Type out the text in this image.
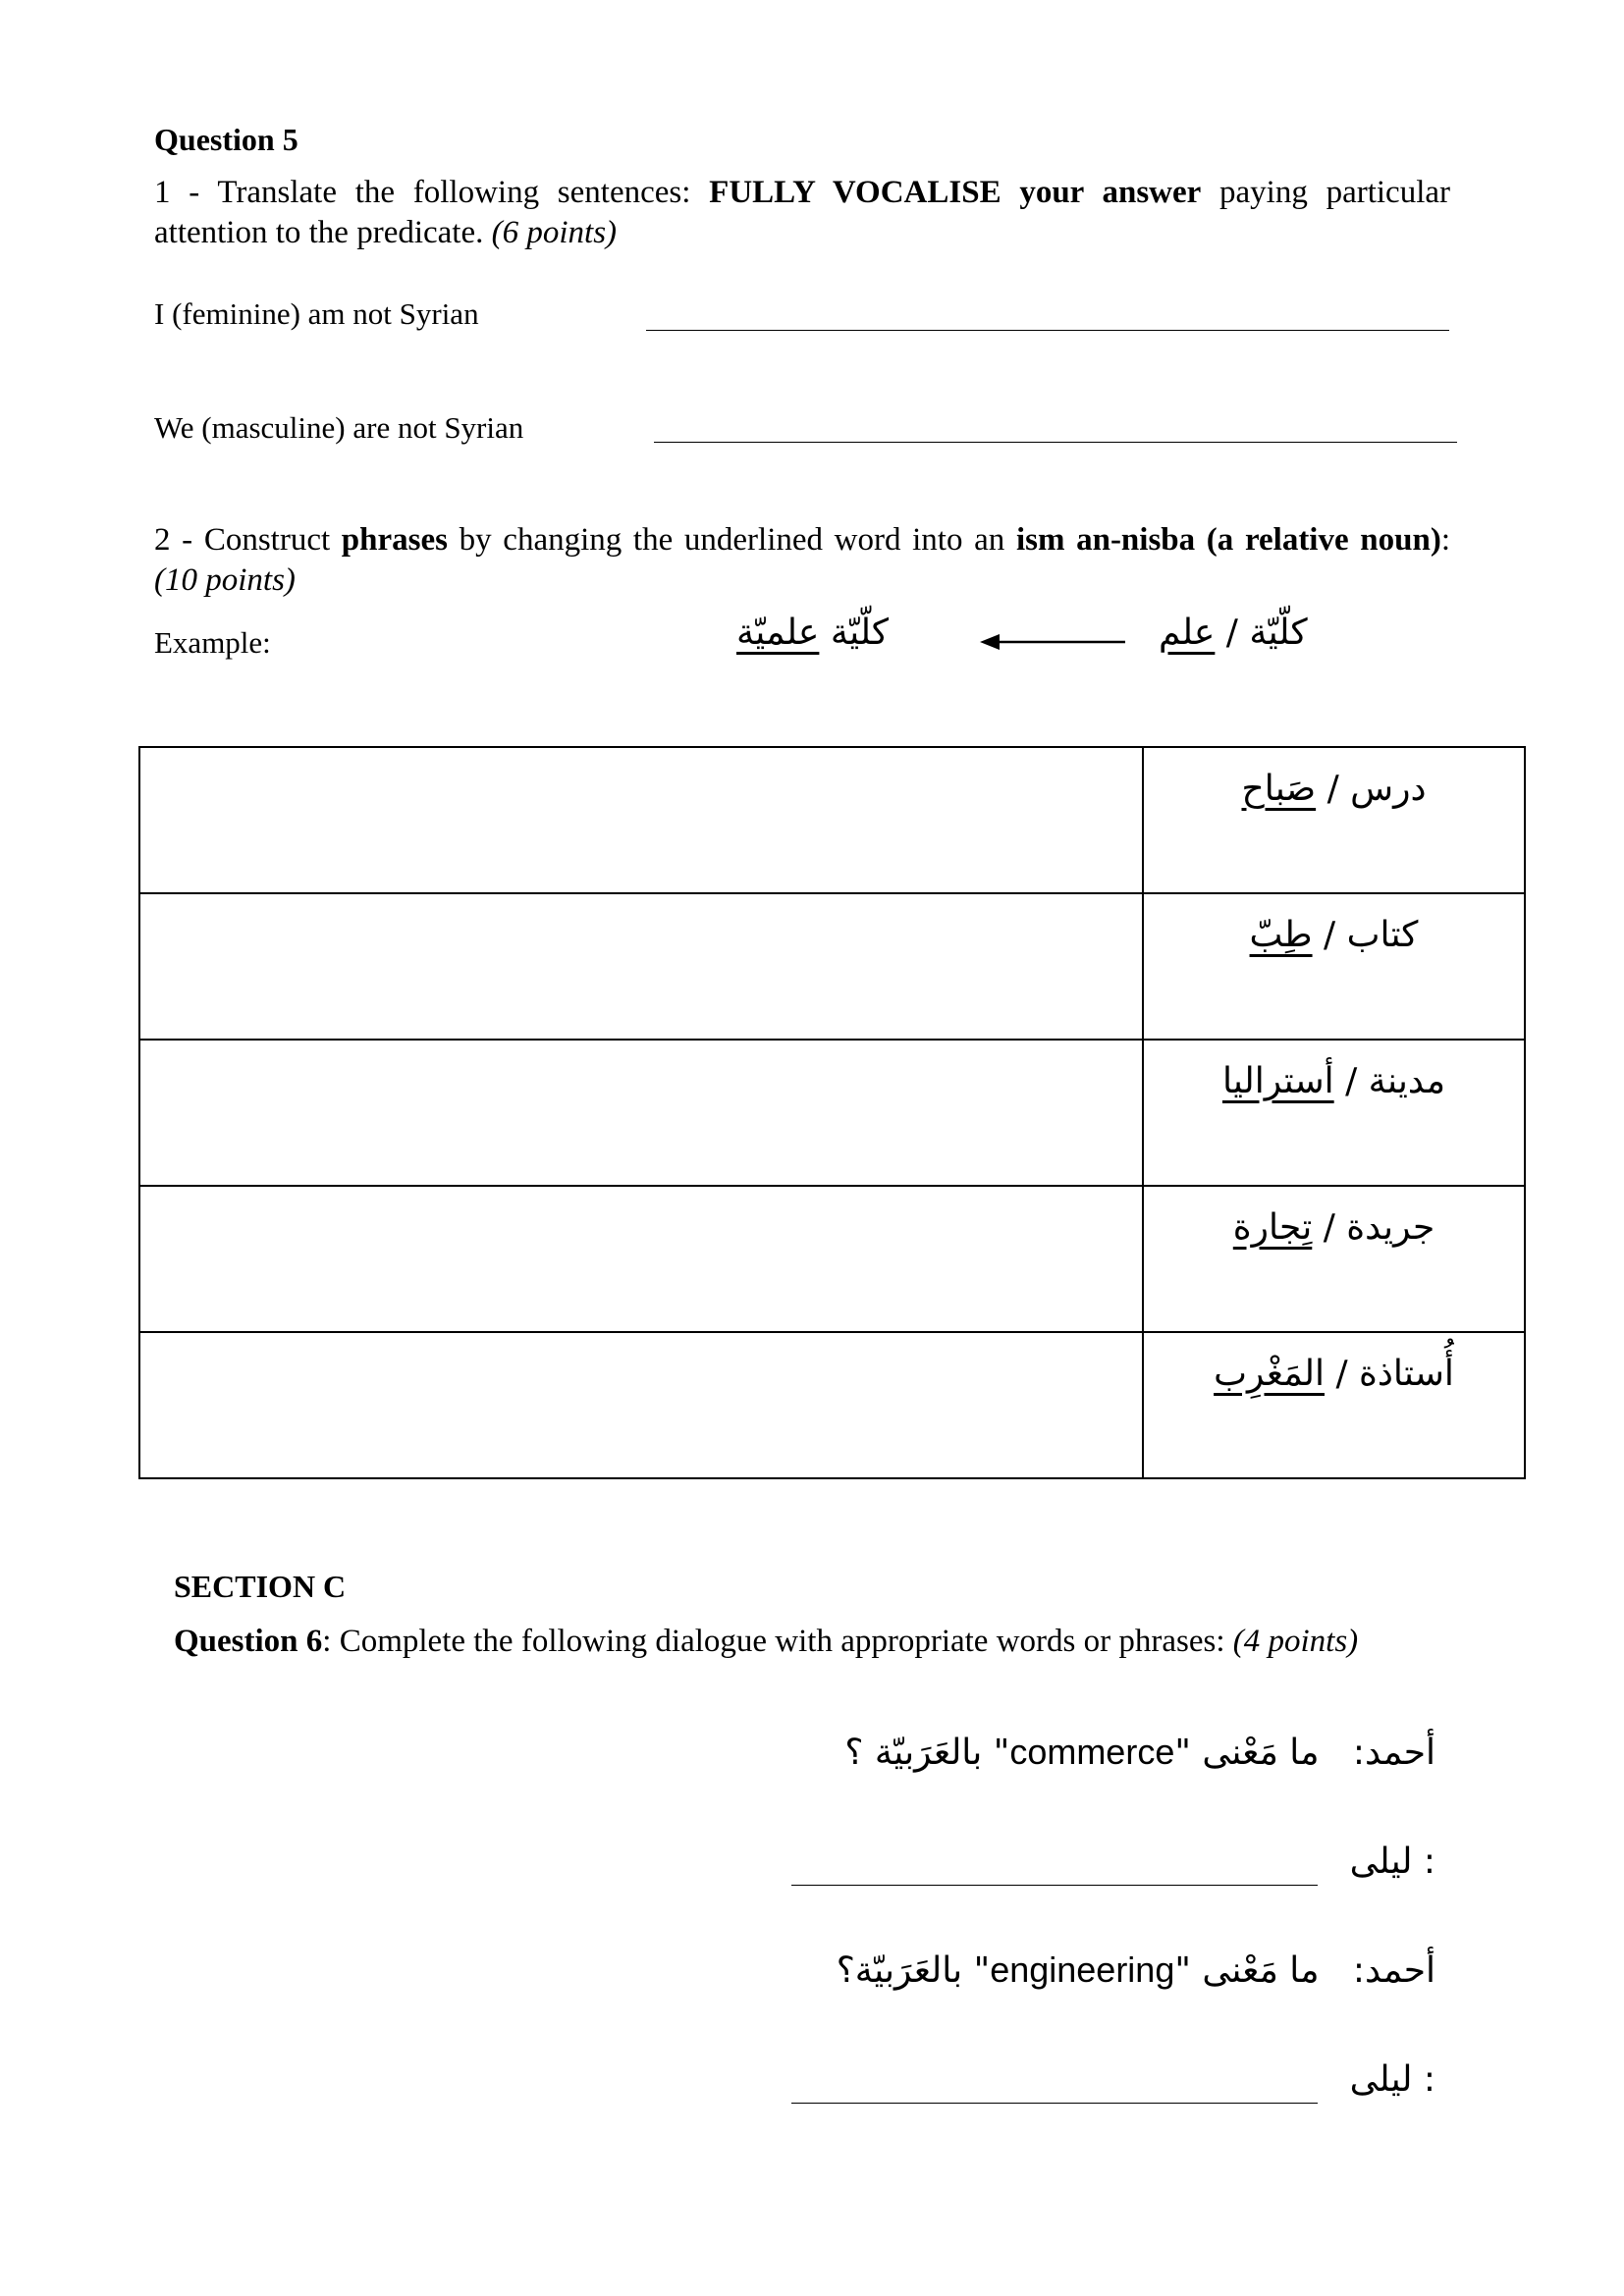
Question 5
1 - Translate the following sentences: FULLY VOCALISE your answer paying particular attention to the predicate. (6 points)
I (feminine) am not Syrian
We (masculine) are not Syrian
2 - Construct phrases by changing the underlined word into an ism an-nisba (a relative noun): (10 points)
Example:	كلّيّة علميّة	كلّيّة / علم
	درس / صَباح
	كتاب / طِبّ
	مدينة / أستراليا
	جريدة / تِجارة
	أُستاذة / المَغْرِب
SECTION C
Question 6: Complete the following dialogue with appropriate words or phrases: (4 points)
أحمد:   ما مَعْنى "commerce" بالعَرَبيّة ؟
ليلى :
أحمد:   ما مَعْنى "engineering" بالعَرَبيّة؟
ليلى :
